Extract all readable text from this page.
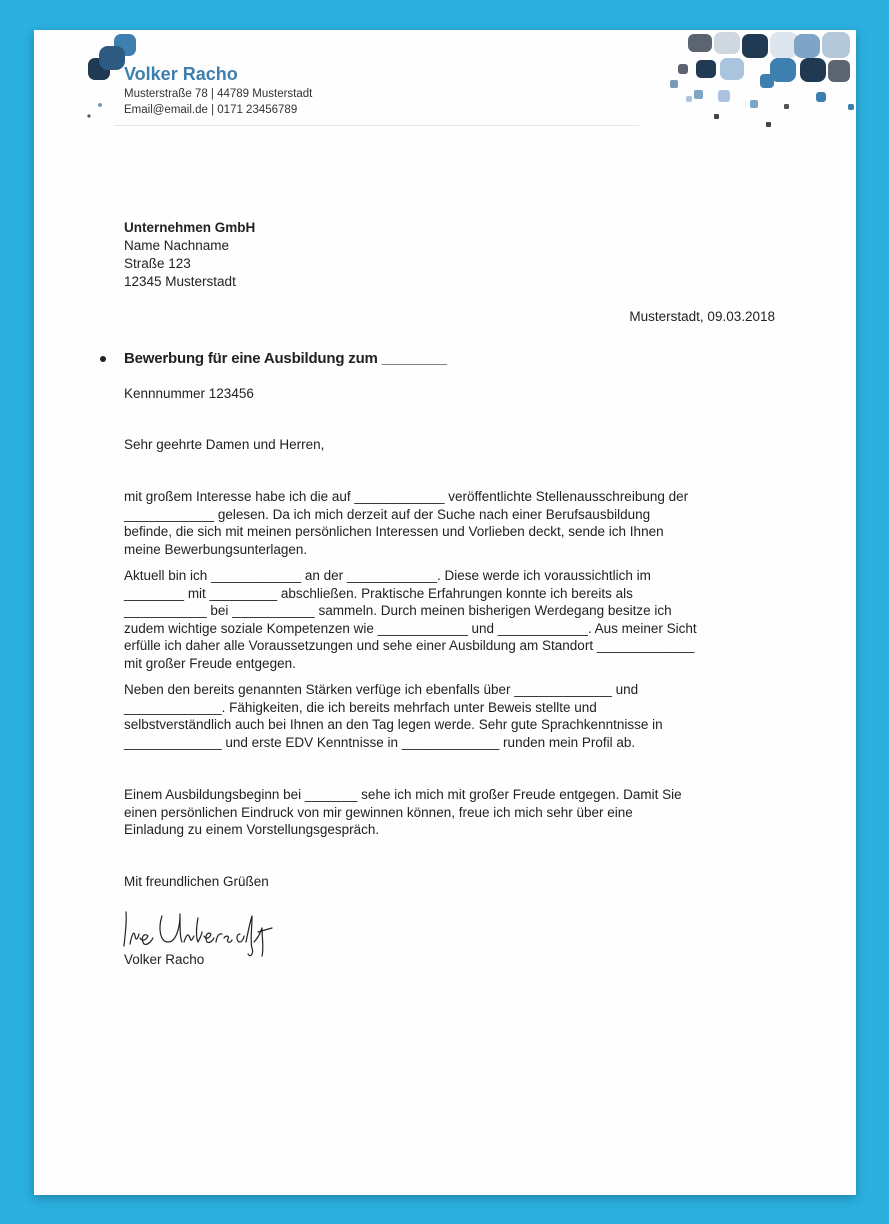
Volker Racho
Musterstraße 78 | 44789 Musterstadt
Email@email.de | 0171 23456789
Unternehmen GmbH
Name Nachname
Straße 123
12345 Musterstadt
Musterstadt, 09.03.2018
Bewerbung für eine Ausbildung zum ________
Kennnummer 123456
Sehr geehrte Damen und Herren,
mit großem Interesse habe ich die auf ____________ veröffentlichte Stellenausschreibung der
____________ gelesen. Da ich mich derzeit auf der Suche nach einer Berufsausbildung
befinde, die sich mit meinen persönlichen Interessen und Vorlieben deckt, sende ich Ihnen
meine Bewerbungsunterlagen.
Aktuell bin ich ____________ an der ____________. Diese werde ich voraussichtlich im
________ mit _________ abschließen. Praktische Erfahrungen konnte ich bereits als
___________ bei ___________ sammeln. Durch meinen bisherigen Werdegang besitze ich
zudem wichtige soziale Kompetenzen wie ____________ und ____________. Aus meiner Sicht
erfülle ich daher alle Voraussetzungen und sehe einer Ausbildung am Standort _____________
mit großer Freude entgegen.
Neben den bereits genannten Stärken verfüge ich ebenfalls über _____________ und
_____________. Fähigkeiten, die ich bereits mehrfach unter Beweis stellte und
selbstverständlich auch bei Ihnen an den Tag legen werde. Sehr gute Sprachkenntnisse in
_____________ und erste EDV Kenntnisse in _____________ runden mein Profil ab.
Einem Ausbildungsbeginn bei _______ sehe ich mich mit großer Freude entgegen. Damit Sie
einen persönlichen Eindruck von mir gewinnen können, freue ich mich sehr über eine
Einladung zu einem Vorstellungsgespräch.
Mit freundlichen Grüßen
Volker Racho
